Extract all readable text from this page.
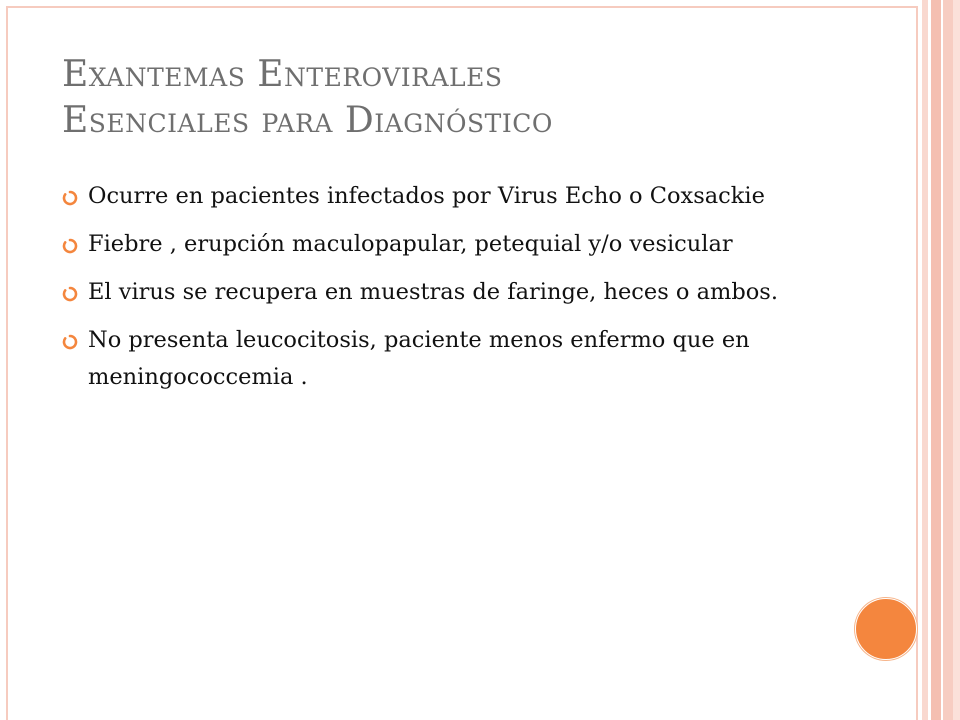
Exantemas Enterovirales
Esenciales para Diagnóstico
Ocurre en pacientes infectados por Virus Echo o Coxsackie
Fiebre , erupción maculopapular, petequial y/o vesicular
El virus se recupera en muestras de faringe, heces o ambos.
No presenta leucocitosis, paciente menos enfermo que en meningococcemia .
